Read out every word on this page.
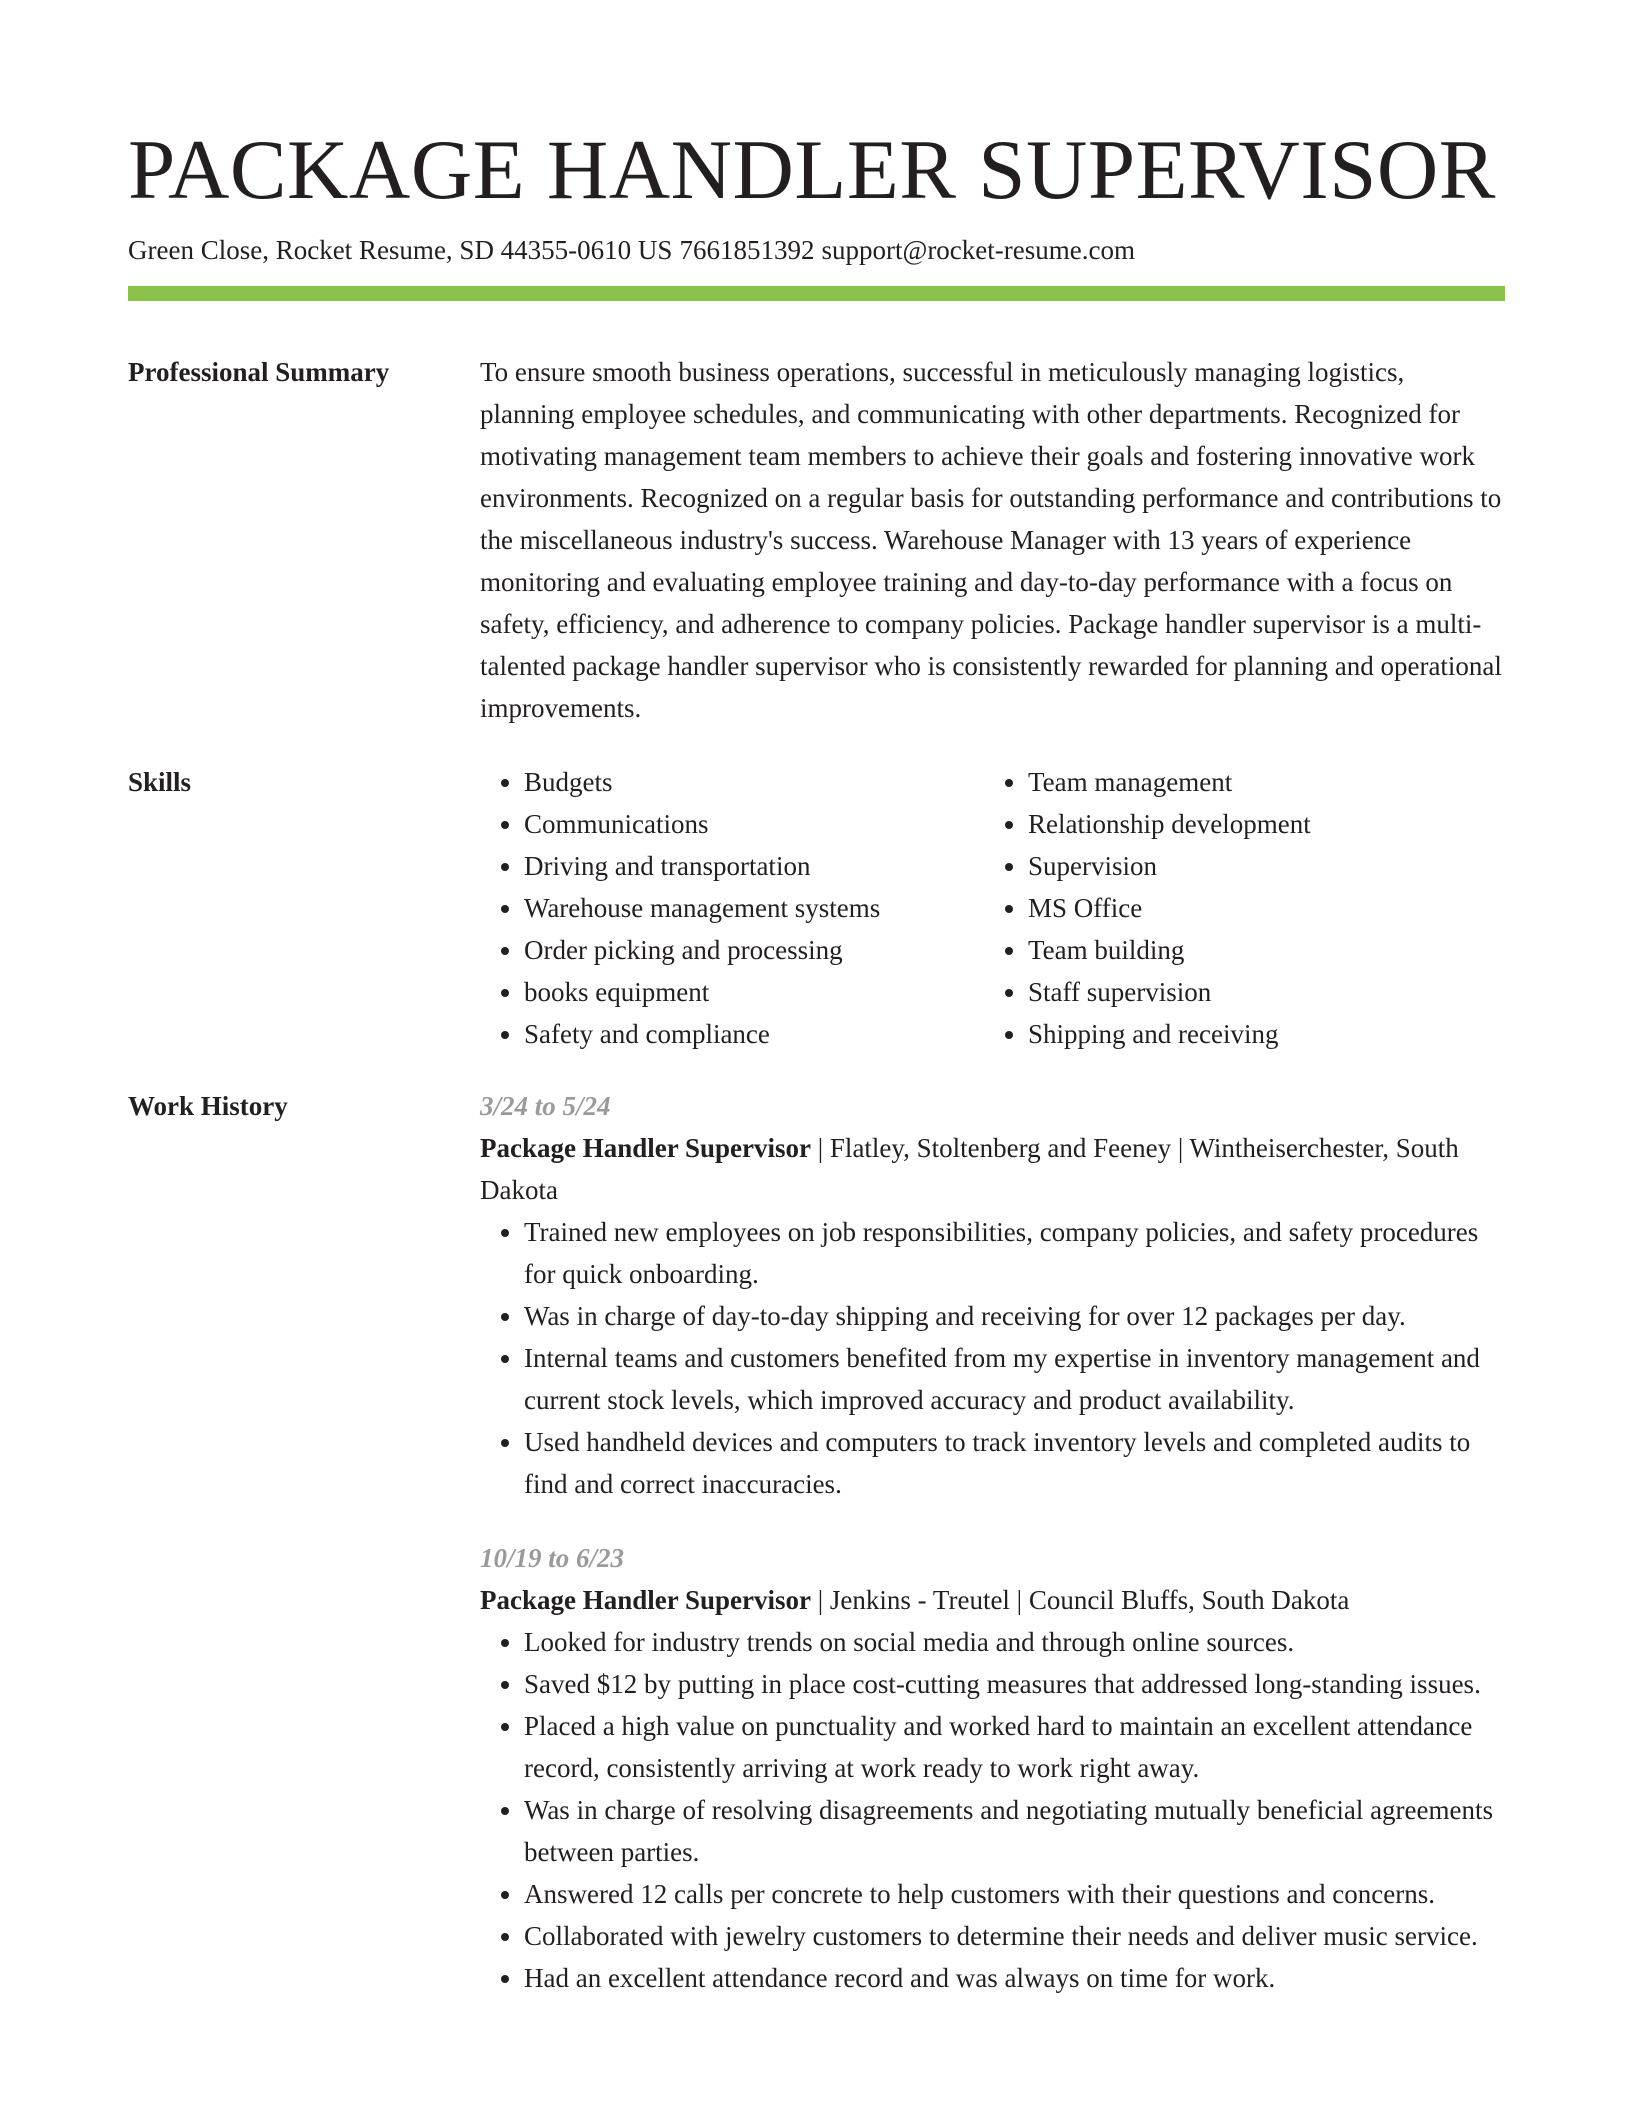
PACKAGE HANDLER SUPERVISOR
Green Close, Rocket Resume, SD 44355-0610 US 7661851392 support@rocket-resume.com
Professional Summary	To ensure smooth business operations, successful in meticulously managing logistics, planning employee schedules, and communicating with other departments. Recognized for motivating management team members to achieve their goals and fostering innovative work environments. Recognized on a regular basis for outstanding performance and contributions to the miscellaneous industry's success. Warehouse Manager with 13 years of experience monitoring and evaluating employee training and day-to-day performance with a focus on safety, efficiency, and adherence to company policies. Package handler supervisor is a multi-talented package handler supervisor who is consistently rewarded for planning and operational improvements.

Skills
•	Budgets
• Communications
• Driving and transportation
• Warehouse management systems
• Order picking and processing
• books equipment
• Safety and compliance
• Team management
• Relationship development
• Supervision
• MS Office
• Team building
• Staff supervision
• Shipping and receiving
Work History	3/24 to 5/24
Package Handler Supervisor | Flatley, Stoltenberg and Feeney | Wintheiserchester, South Dakota
• Trained new employees on job responsibilities, company policies, and safety procedures for quick onboarding.
• Was in charge of day-to-day shipping and receiving for over 12 packages per day.
• Internal teams and customers benefited from my expertise in inventory management and current stock levels, which improved accuracy and product availability.
• Used handheld devices and computers to track inventory levels and completed audits to find and correct inaccuracies.
10/19 to 6/23
Package Handler Supervisor | Jenkins - Treutel | Council Bluffs, South Dakota
• Looked for industry trends on social media and through online sources.
• Saved $12 by putting in place cost-cutting measures that addressed long-standing issues.
• Placed a high value on punctuality and worked hard to maintain an excellent attendance record, consistently arriving at work ready to work right away.
• Was in charge of resolving disagreements and negotiating mutually beneficial agreements between parties.
• Answered 12 calls per concrete to help customers with their questions and concerns.
• Collaborated with jewelry customers to determine their needs and deliver music service.
• Had an excellent attendance record and was always on time for work.
